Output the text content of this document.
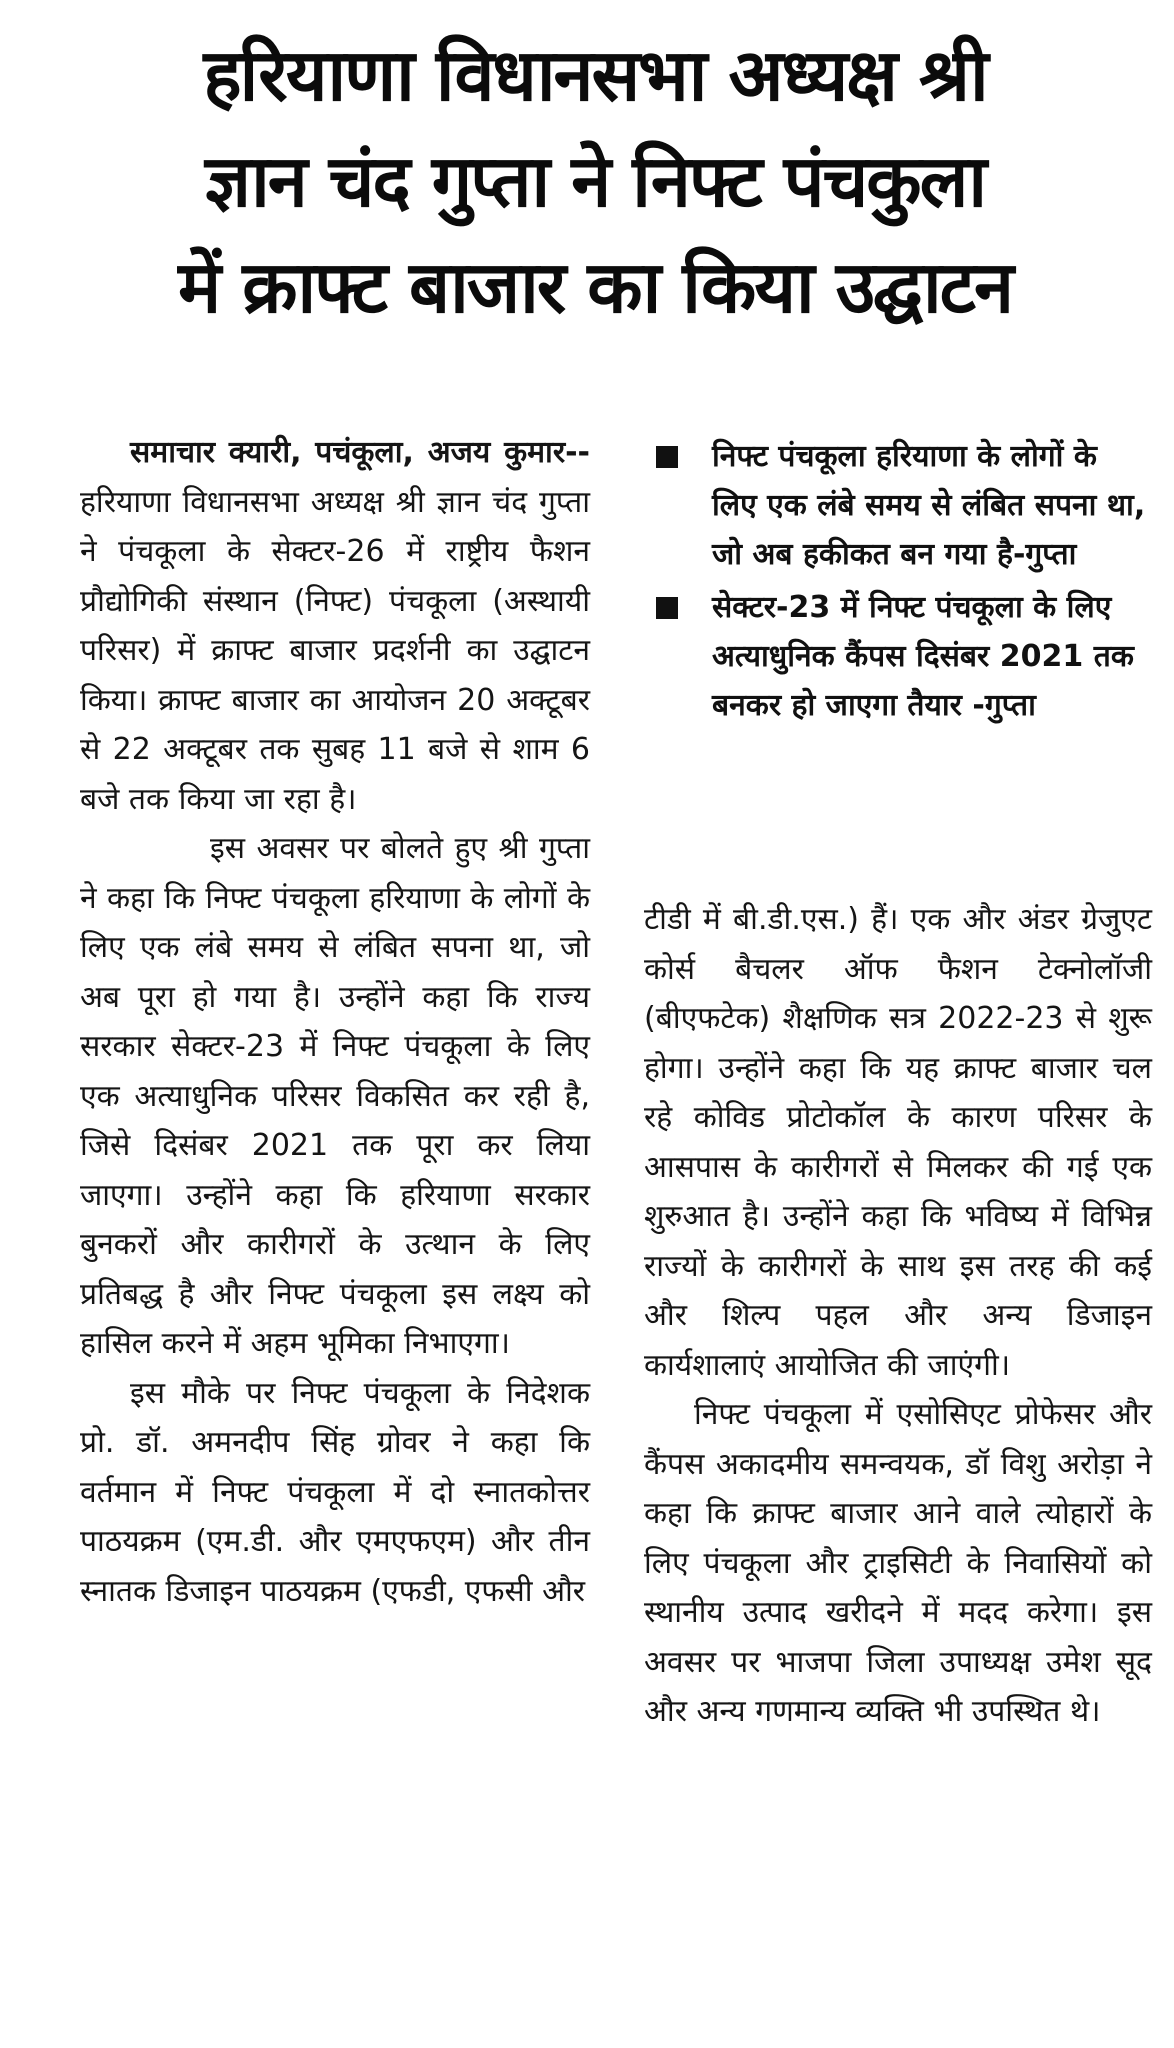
हरियाणा विधानसभा अध्यक्ष श्री
ज्ञान चंद गुप्ता ने निफ्ट पंचकुला
में क्राफ्ट बाजार का किया उद्घाटन

समाचार क्यारी, पचंकूला, अजय कुमार-- हरियाणा विधानसभा अध्यक्ष श्री ज्ञान चंद गुप्ता ने पंचकूला के सेक्टर-26 में राष्ट्रीय फैशन प्रौद्योगिकी संस्थान (निफ्ट) पंचकूला (अस्थायी परिसर) में क्राफ्ट बाजार प्रदर्शनी का उद्घाटन किया। क्राफ्ट बाजार का आयोजन 20 अक्टूबर से 22 अक्टूबर तक सुबह 11 बजे से शाम 6 बजे तक किया जा रहा है।

इस अवसर पर बोलते हुए श्री गुप्ता ने कहा कि निफ्ट पंचकूला हरियाणा के लोगों के लिए एक लंबे समय से लंबित सपना था, जो अब पूरा हो गया है। उन्होंने कहा कि राज्य सरकार सेक्टर-23 में निफ्ट पंचकूला के लिए एक अत्याधुनिक परिसर विकसित कर रही है, जिसे दिसंबर 2021 तक पूरा कर लिया जाएगा। उन्होंने कहा कि हरियाणा सरकार बुनकरों और कारीगरों के उत्थान के लिए प्रतिबद्ध है और निफ्ट पंचकूला इस लक्ष्य को हासिल करने में अहम भूमिका निभाएगा।

इस मौके पर निफ्ट पंचकूला के निदेशक प्रो. डॉ. अमनदीप सिंह ग्रोवर ने कहा कि वर्तमान में निफ्ट पंचकूला में दो स्नातकोत्तर पाठयक्रम (एम.डी. और एमएफएम) और तीन स्नातक डिजाइन पाठयक्रम (एफडी, एफसी और

निफ्ट पंचकूला हरियाणा के लोगों के लिए एक लंबे समय से लंबित सपना था, जो अब हकीकत बन गया है-गुप्ता
सेक्टर-23 में निफ्ट पंचकूला के लिए अत्याधुनिक कैंपस दिसंबर 2021 तक बनकर हो जाएगा तैयार -गुप्ता

टीडी में बी.डी.एस.) हैं। एक और अंडर ग्रेजुएट कोर्स बैचलर ऑफ फैशन टेक्नोलॉजी (बीएफटेक) शैक्षणिक सत्र 2022-23 से शुरू होगा। उन्होंने कहा कि यह क्राफ्ट बाजार चल रहे कोविड प्रोटोकॉल के कारण परिसर के आसपास के कारीगरों से मिलकर की गई एक शुरुआत है। उन्होंने कहा कि भविष्य में विभिन्न राज्यों के कारीगरों के साथ इस तरह की कई और शिल्प पहल और अन्य डिजाइन कार्यशालाएं आयोजित की जाएंगी।

निफ्ट पंचकूला में एसोसिएट प्रोफेसर और कैंपस अकादमीय समन्वयक, डॉ विशु अरोड़ा ने कहा कि क्राफ्ट बाजार आने वाले त्योहारों के लिए पंचकूला और ट्राइसिटी के निवासियों को स्थानीय उत्पाद खरीदने में मदद करेगा। इस अवसर पर भाजपा जिला उपाध्यक्ष उमेश सूद और अन्य गणमान्य व्यक्ति भी उपस्थित थे।
